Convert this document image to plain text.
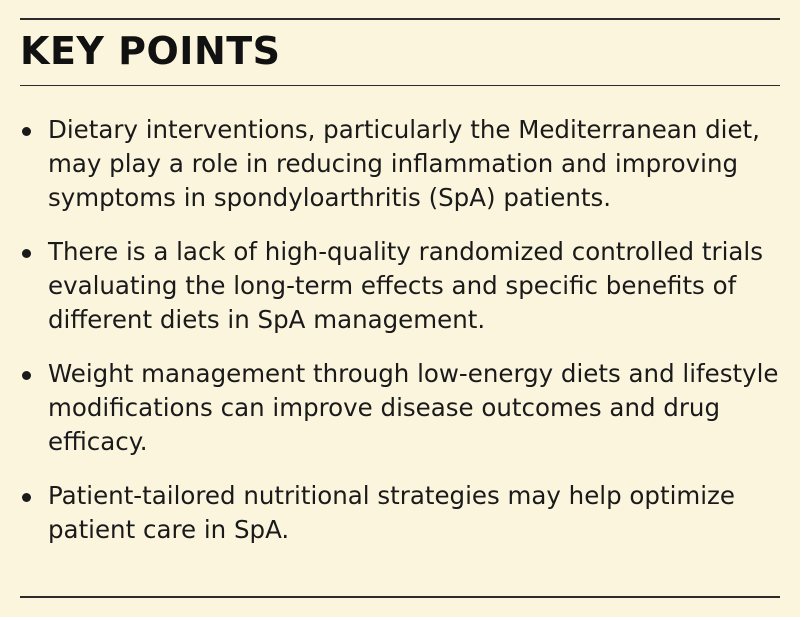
KEY POINTS
Dietary interventions, particularly the Mediterranean diet, may play a role in reducing inflammation and improving symptoms in spondyloarthritis (SpA) patients.
There is a lack of high-quality randomized controlled trials evaluating the long-term effects and specific benefits of different diets in SpA management.
Weight management through low-energy diets and lifestyle modifications can improve disease outcomes and drug efficacy.
Patient-tailored nutritional strategies may help optimize patient care in SpA.
